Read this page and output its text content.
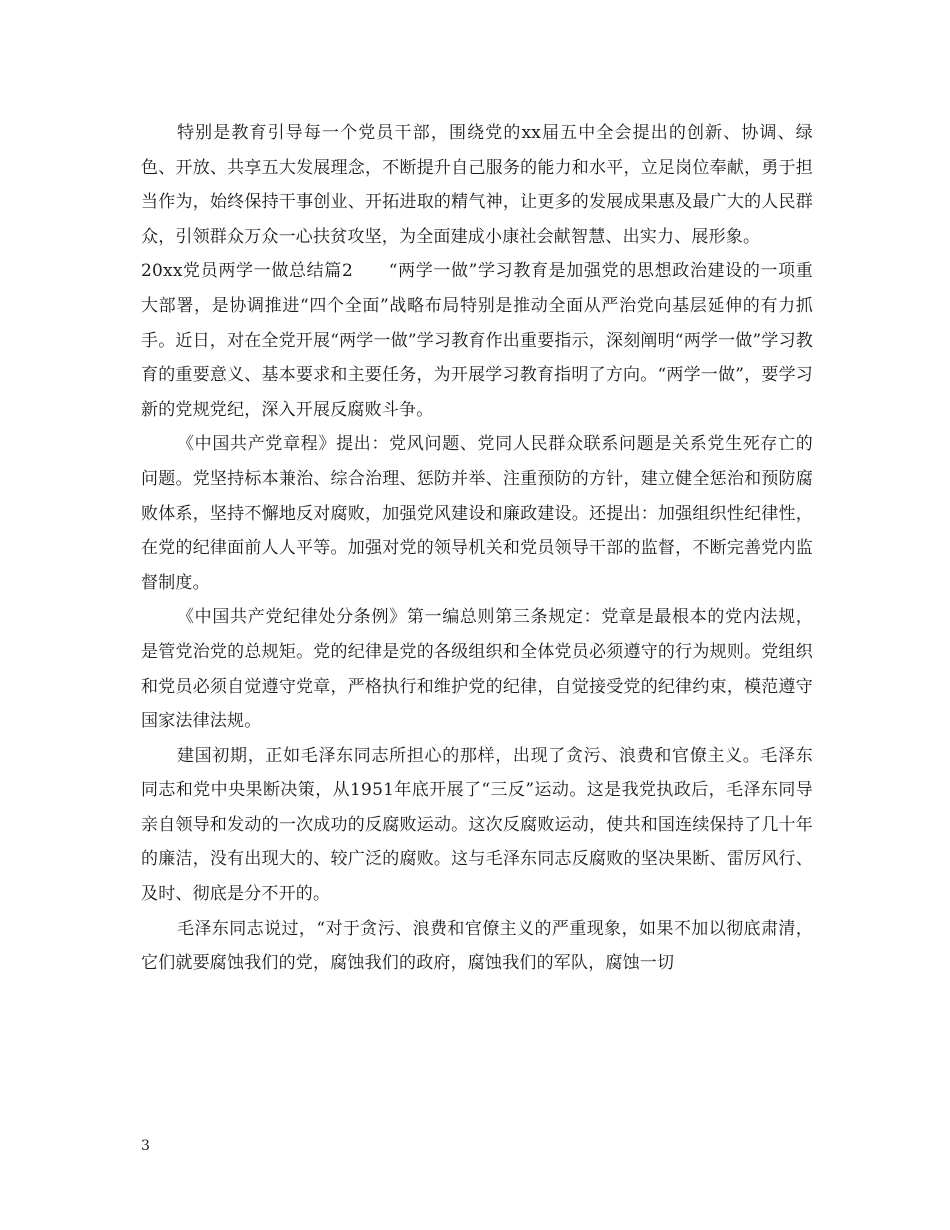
特别是教育引导每一个党员干部，围绕党的xx届五中全会提出的创新、协调、绿色、开放、共享五大发展理念，不断提升自己服务的能力和水平，立足岗位奉献，勇于担当作为，始终保持干事创业、开拓进取的精气神，让更多的发展成果惠及最广大的人民群众，引领群众万众一心扶贫攻坚，为全面建成小康社会献智慧、出实力、展形象。

20xx党员两学一做总结篇2　　“两学一做”学习教育是加强党的思想政治建设的一项重大部署，是协调推进“四个全面”战略布局特别是推动全面从严治党向基层延伸的有力抓手。近日，对在全党开展“两学一做”学习教育作出重要指示，深刻阐明“两学一做”学习教育的重要意义、基本要求和主要任务，为开展学习教育指明了方向。“两学一做”，要学习新的党规党纪，深入开展反腐败斗争。

《中国共产党章程》提出：党风问题、党同人民群众联系问题是关系党生死存亡的问题。党坚持标本兼治、综合治理、惩防并举、注重预防的方针，建立健全惩治和预防腐败体系，坚持不懈地反对腐败，加强党风建设和廉政建设。还提出：加强组织性纪律性，在党的纪律面前人人平等。加强对党的领导机关和党员领导干部的监督，不断完善党内监督制度。

《中国共产党纪律处分条例》第一编总则第三条规定：党章是最根本的党内法规，是管党治党的总规矩。党的纪律是党的各级组织和全体党员必须遵守的行为规则。党组织和党员必须自觉遵守党章，严格执行和维护党的纪律，自觉接受党的纪律约束，模范遵守国家法律法规。

建国初期，正如毛泽东同志所担心的那样，出现了贪污、浪费和官僚主义。毛泽东同志和党中央果断决策，从1951年底开展了“三反”运动。这是我党执政后，毛泽东同导亲自领导和发动的一次成功的反腐败运动。这次反腐败运动，使共和国连续保持了几十年的廉洁，没有出现大的、较广泛的腐败。这与毛泽东同志反腐败的坚决果断、雷厉风行、及时、彻底是分不开的。

毛泽东同志说过，“对于贪污、浪费和官僚主义的严重现象，如果不加以彻底肃清，它们就要腐蚀我们的党，腐蚀我们的政府，腐蚀我们的军队，腐蚀一切

3
